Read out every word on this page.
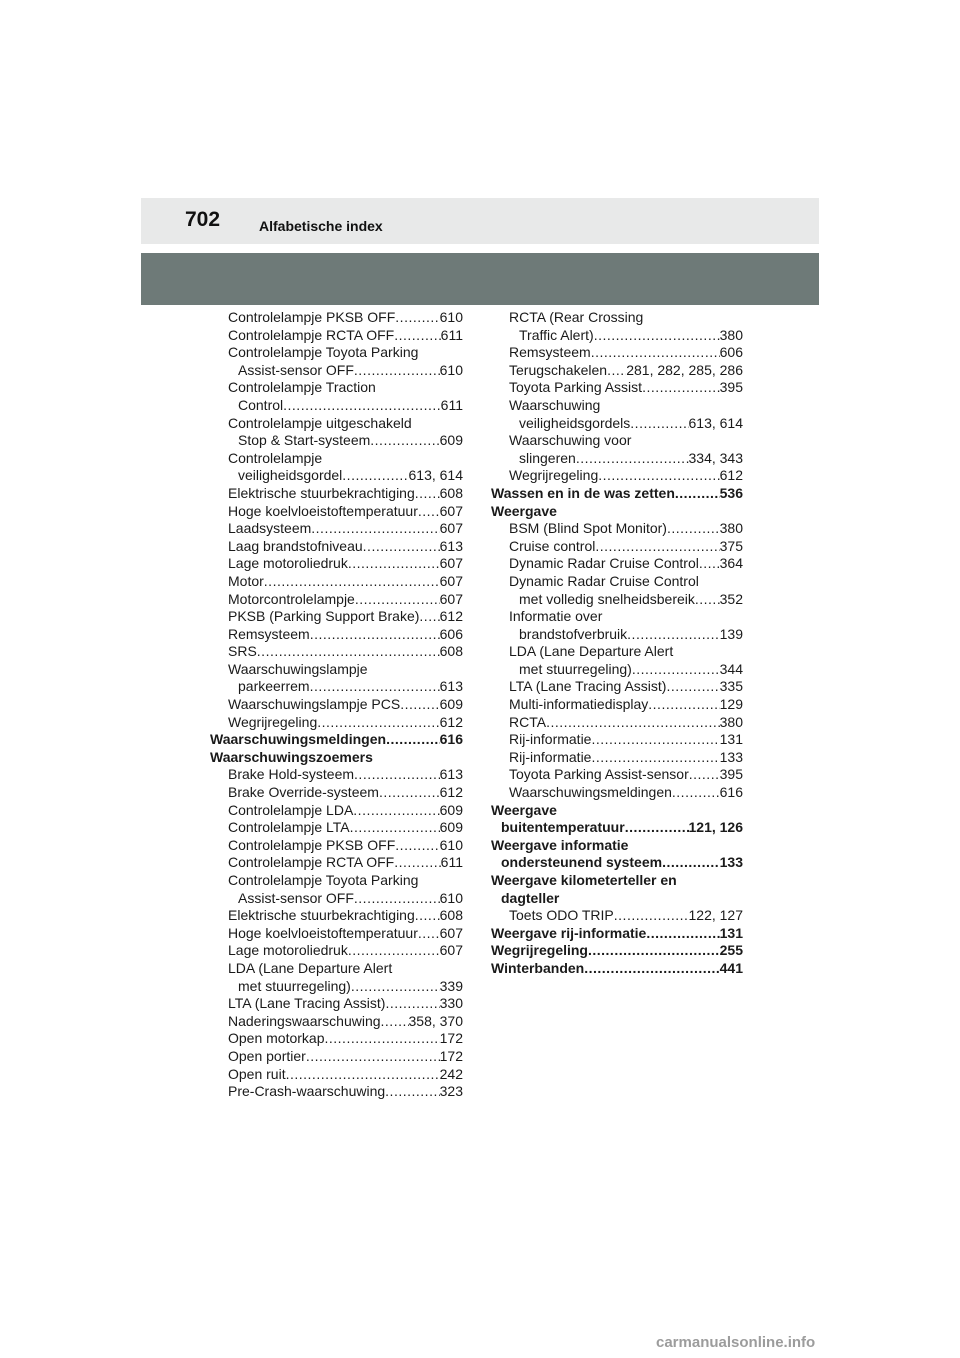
702	Alfabetische index
Controlelampje PKSB OFF .....	610
Controlelampje RCTA OFF .....	611
Controlelampje Toyota Parking
Assist-sensor OFF .....	610
Controlelampje Traction
Control .....	611
Controlelampje uitgeschakeld
Stop & Start-systeem .....	609
Controlelampje
veiligheidsgordel .....	613, 614
Elektrische stuurbekrachtiging ..... 608
Hoge koelvloeistoftemperatuur ..... 607
Laadsysteem .....	607
Laag brandstofniveau .....	613
Lage motoroliedruk .....	607
Motor .....	607
Motorcontrolelampje .....	607
PKSB (Parking Support Brake) ..... 612
Remsysteem .....	606
SRS .....	608
Waarschuwingslampje
parkeerrem .....	613
Waarschuwingslampje PCS .....	609
Wegrijregeling .....	612
Waarschuwingsmeldingen .....	616
Waarschuwingszoemers
Brake Hold-systeem .....	613
Brake Override-systeem .....	612
Controlelampje LDA .....	609
Controlelampje LTA .....	609
Controlelampje PKSB OFF .....	610
Controlelampje RCTA OFF .....	611
Controlelampje Toyota Parking
Assist-sensor OFF .....	610
Elektrische stuurbekrachtiging ..... 608
Hoge koelvloeistoftemperatuur ..... 607
Lage motoroliedruk .....	607
LDA (Lane Departure Alert
met stuurregeling) .....	339
LTA (Lane Tracing Assist) .....	330
Naderingswaarschuwing ..... 358, 370
Open motorkap .....	172
Open portier .....	172
Open ruit .....	242
Pre-Crash-waarschuwing .....	323
RCTA (Rear Crossing
Traffic Alert) .....	380
Remsysteem .....	606
Terugschakelen ..... 281, 282, 285, 286
Toyota Parking Assist .....	395
Waarschuwing
veiligheidsgordels .....	613, 614
Waarschuwing voor
slingeren .....	334, 343
Wegrijregeling .....	612
Wassen en in de was zetten .....	536
Weergave
BSM (Blind Spot Monitor) .....	380
Cruise control .....	375
Dynamic Radar Cruise Control ..... 364
Dynamic Radar Cruise Control
met volledig snelheidsbereik ..... 352
Informatie over
brandstofverbruik .....	139
LDA (Lane Departure Alert
met stuurregeling) .....	344
LTA (Lane Tracing Assist) .....	335
Multi-informatiedisplay .....	129
RCTA .....	380
Rij-informatie .....	131
Rij-informatie .....	133
Toyota Parking Assist-sensor ..... 395
Waarschuwingsmeldingen .....	616
Weergave
buitentemperatuur .....	121, 126
Weergave informatie
ondersteunend systeem .....	133
Weergave kilometerteller en
dagteller
Toets ODO TRIP .....	122, 127
Weergave rij-informatie .....	131
Wegrijregeling .....	255
Winterbanden .....	441
carmanualsonline.info
